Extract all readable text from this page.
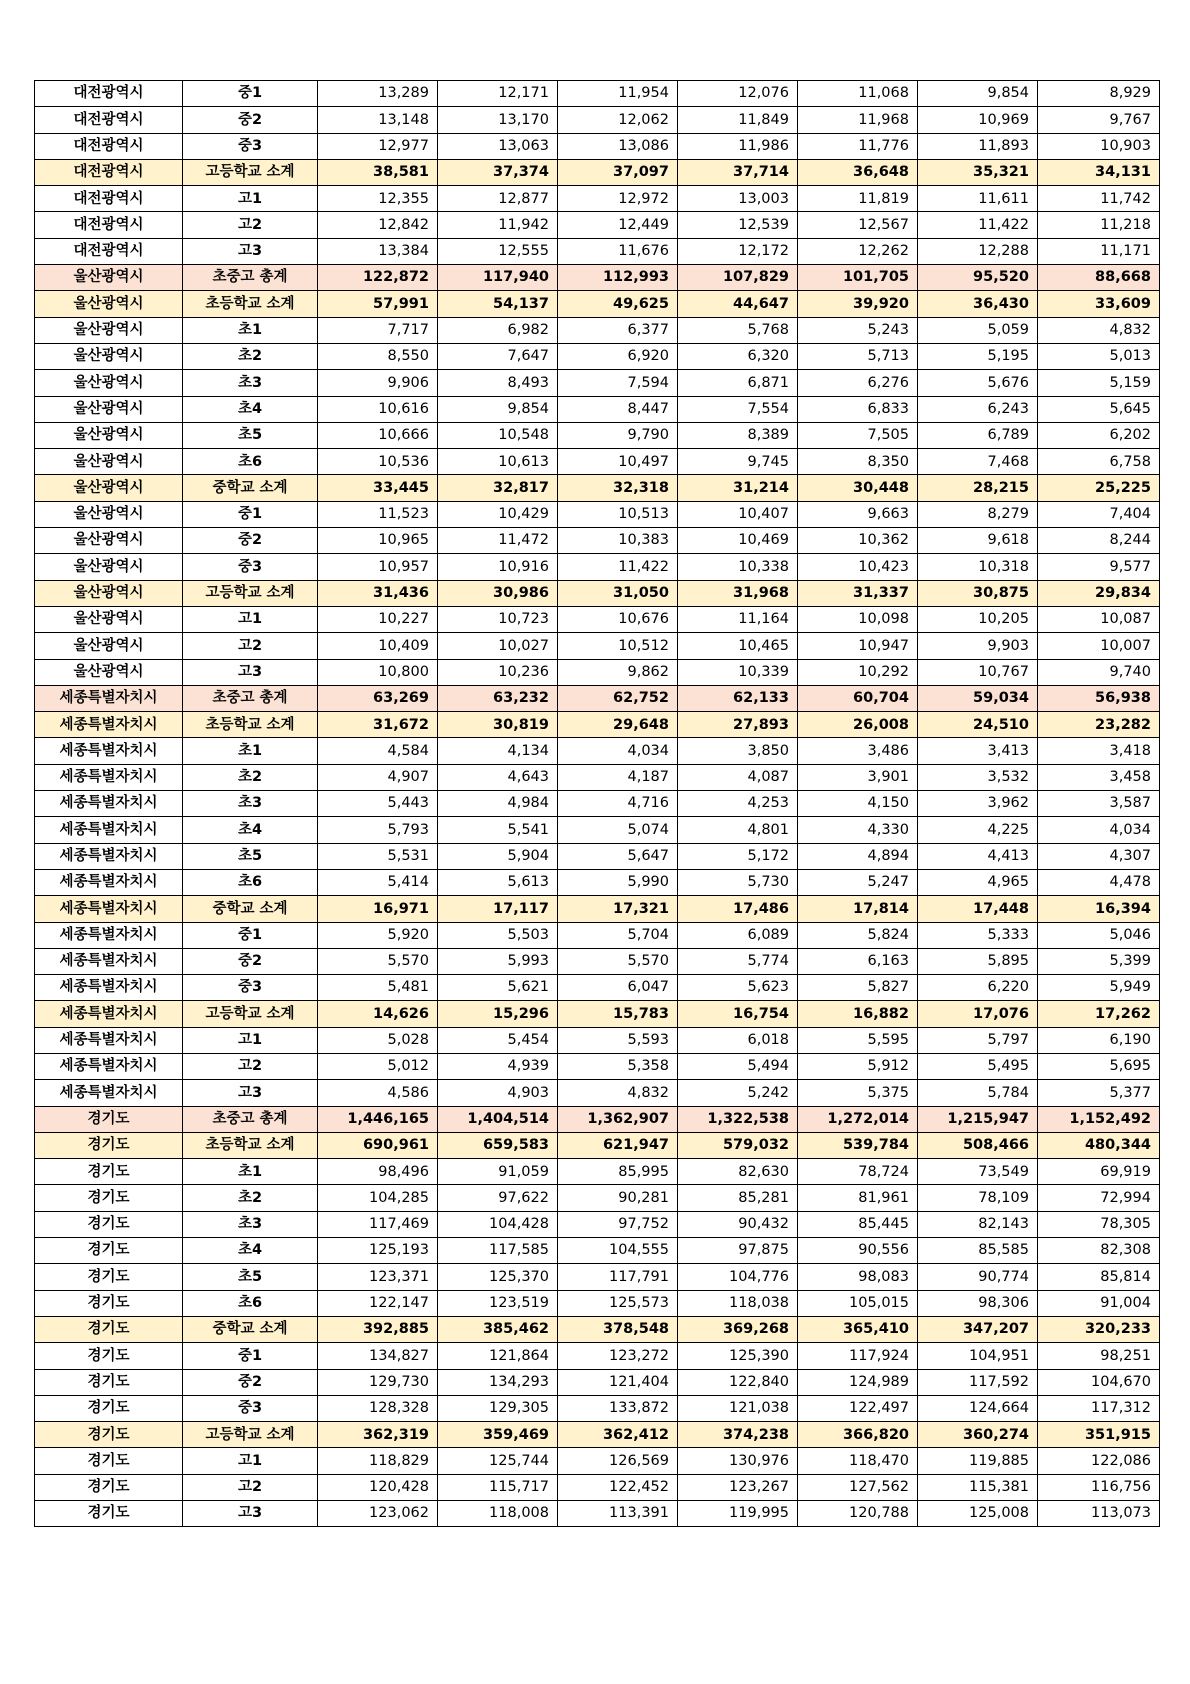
대전광역시	중1	13,289	12,171	11,954	12,076	11,068	9,854	8,929
대전광역시	중2	13,148	13,170	12,062	11,849	11,968	10,969	9,767
대전광역시	중3	12,977	13,063	13,086	11,986	11,776	11,893	10,903
대전광역시	고등학교 소계	38,581	37,374	37,097	37,714	36,648	35,321	34,131
대전광역시	고1	12,355	12,877	12,972	13,003	11,819	11,611	11,742
대전광역시	고2	12,842	11,942	12,449	12,539	12,567	11,422	11,218
대전광역시	고3	13,384	12,555	11,676	12,172	12,262	12,288	11,171
울산광역시	초중고 총계	122,872	117,940	112,993	107,829	101,705	95,520	88,668
울산광역시	초등학교 소계	57,991	54,137	49,625	44,647	39,920	36,430	33,609
울산광역시	초1	7,717	6,982	6,377	5,768	5,243	5,059	4,832
울산광역시	초2	8,550	7,647	6,920	6,320	5,713	5,195	5,013
울산광역시	초3	9,906	8,493	7,594	6,871	6,276	5,676	5,159
울산광역시	초4	10,616	9,854	8,447	7,554	6,833	6,243	5,645
울산광역시	초5	10,666	10,548	9,790	8,389	7,505	6,789	6,202
울산광역시	초6	10,536	10,613	10,497	9,745	8,350	7,468	6,758
울산광역시	중학교 소계	33,445	32,817	32,318	31,214	30,448	28,215	25,225
울산광역시	중1	11,523	10,429	10,513	10,407	9,663	8,279	7,404
울산광역시	중2	10,965	11,472	10,383	10,469	10,362	9,618	8,244
울산광역시	중3	10,957	10,916	11,422	10,338	10,423	10,318	9,577
울산광역시	고등학교 소계	31,436	30,986	31,050	31,968	31,337	30,875	29,834
울산광역시	고1	10,227	10,723	10,676	11,164	10,098	10,205	10,087
울산광역시	고2	10,409	10,027	10,512	10,465	10,947	9,903	10,007
울산광역시	고3	10,800	10,236	9,862	10,339	10,292	10,767	9,740
세종특별자치시	초중고 총계	63,269	63,232	62,752	62,133	60,704	59,034	56,938
세종특별자치시	초등학교 소계	31,672	30,819	29,648	27,893	26,008	24,510	23,282
세종특별자치시	초1	4,584	4,134	4,034	3,850	3,486	3,413	3,418
세종특별자치시	초2	4,907	4,643	4,187	4,087	3,901	3,532	3,458
세종특별자치시	초3	5,443	4,984	4,716	4,253	4,150	3,962	3,587
세종특별자치시	초4	5,793	5,541	5,074	4,801	4,330	4,225	4,034
세종특별자치시	초5	5,531	5,904	5,647	5,172	4,894	4,413	4,307
세종특별자치시	초6	5,414	5,613	5,990	5,730	5,247	4,965	4,478
세종특별자치시	중학교 소계	16,971	17,117	17,321	17,486	17,814	17,448	16,394
세종특별자치시	중1	5,920	5,503	5,704	6,089	5,824	5,333	5,046
세종특별자치시	중2	5,570	5,993	5,570	5,774	6,163	5,895	5,399
세종특별자치시	중3	5,481	5,621	6,047	5,623	5,827	6,220	5,949
세종특별자치시	고등학교 소계	14,626	15,296	15,783	16,754	16,882	17,076	17,262
세종특별자치시	고1	5,028	5,454	5,593	6,018	5,595	5,797	6,190
세종특별자치시	고2	5,012	4,939	5,358	5,494	5,912	5,495	5,695
세종특별자치시	고3	4,586	4,903	4,832	5,242	5,375	5,784	5,377
경기도	초중고 총계	1,446,165	1,404,514	1,362,907	1,322,538	1,272,014	1,215,947	1,152,492
경기도	초등학교 소계	690,961	659,583	621,947	579,032	539,784	508,466	480,344
경기도	초1	98,496	91,059	85,995	82,630	78,724	73,549	69,919
경기도	초2	104,285	97,622	90,281	85,281	81,961	78,109	72,994
경기도	초3	117,469	104,428	97,752	90,432	85,445	82,143	78,305
경기도	초4	125,193	117,585	104,555	97,875	90,556	85,585	82,308
경기도	초5	123,371	125,370	117,791	104,776	98,083	90,774	85,814
경기도	초6	122,147	123,519	125,573	118,038	105,015	98,306	91,004
경기도	중학교 소계	392,885	385,462	378,548	369,268	365,410	347,207	320,233
경기도	중1	134,827	121,864	123,272	125,390	117,924	104,951	98,251
경기도	중2	129,730	134,293	121,404	122,840	124,989	117,592	104,670
경기도	중3	128,328	129,305	133,872	121,038	122,497	124,664	117,312
경기도	고등학교 소계	362,319	359,469	362,412	374,238	366,820	360,274	351,915
경기도	고1	118,829	125,744	126,569	130,976	118,470	119,885	122,086
경기도	고2	120,428	115,717	122,452	123,267	127,562	115,381	116,756
경기도	고3	123,062	118,008	113,391	119,995	120,788	125,008	113,073
